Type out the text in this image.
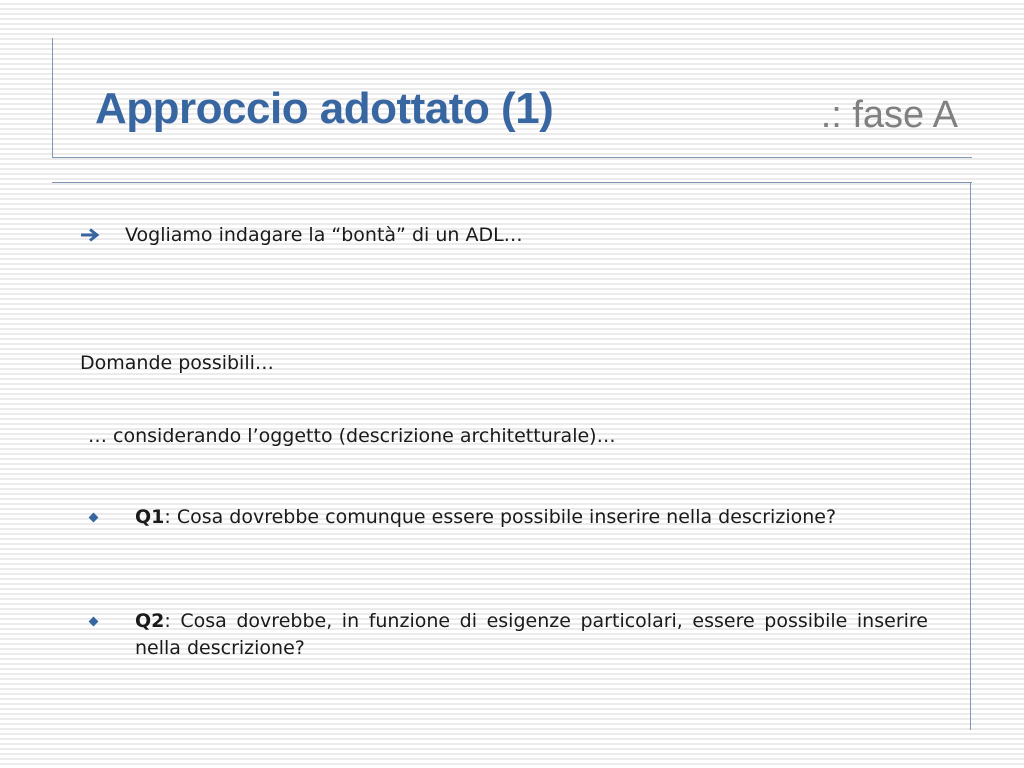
Approccio adottato (1)	.: fase A
Vogliamo indagare la “bontà” di un ADL…
Domande possibili…
… considerando l’oggetto (descrizione architetturale)…
Q1: Cosa dovrebbe comunque essere possibile inserire nella descrizione?
Q2: Cosa dovrebbe, in funzione di esigenze particolari, essere possibile inserire nella descrizione?
